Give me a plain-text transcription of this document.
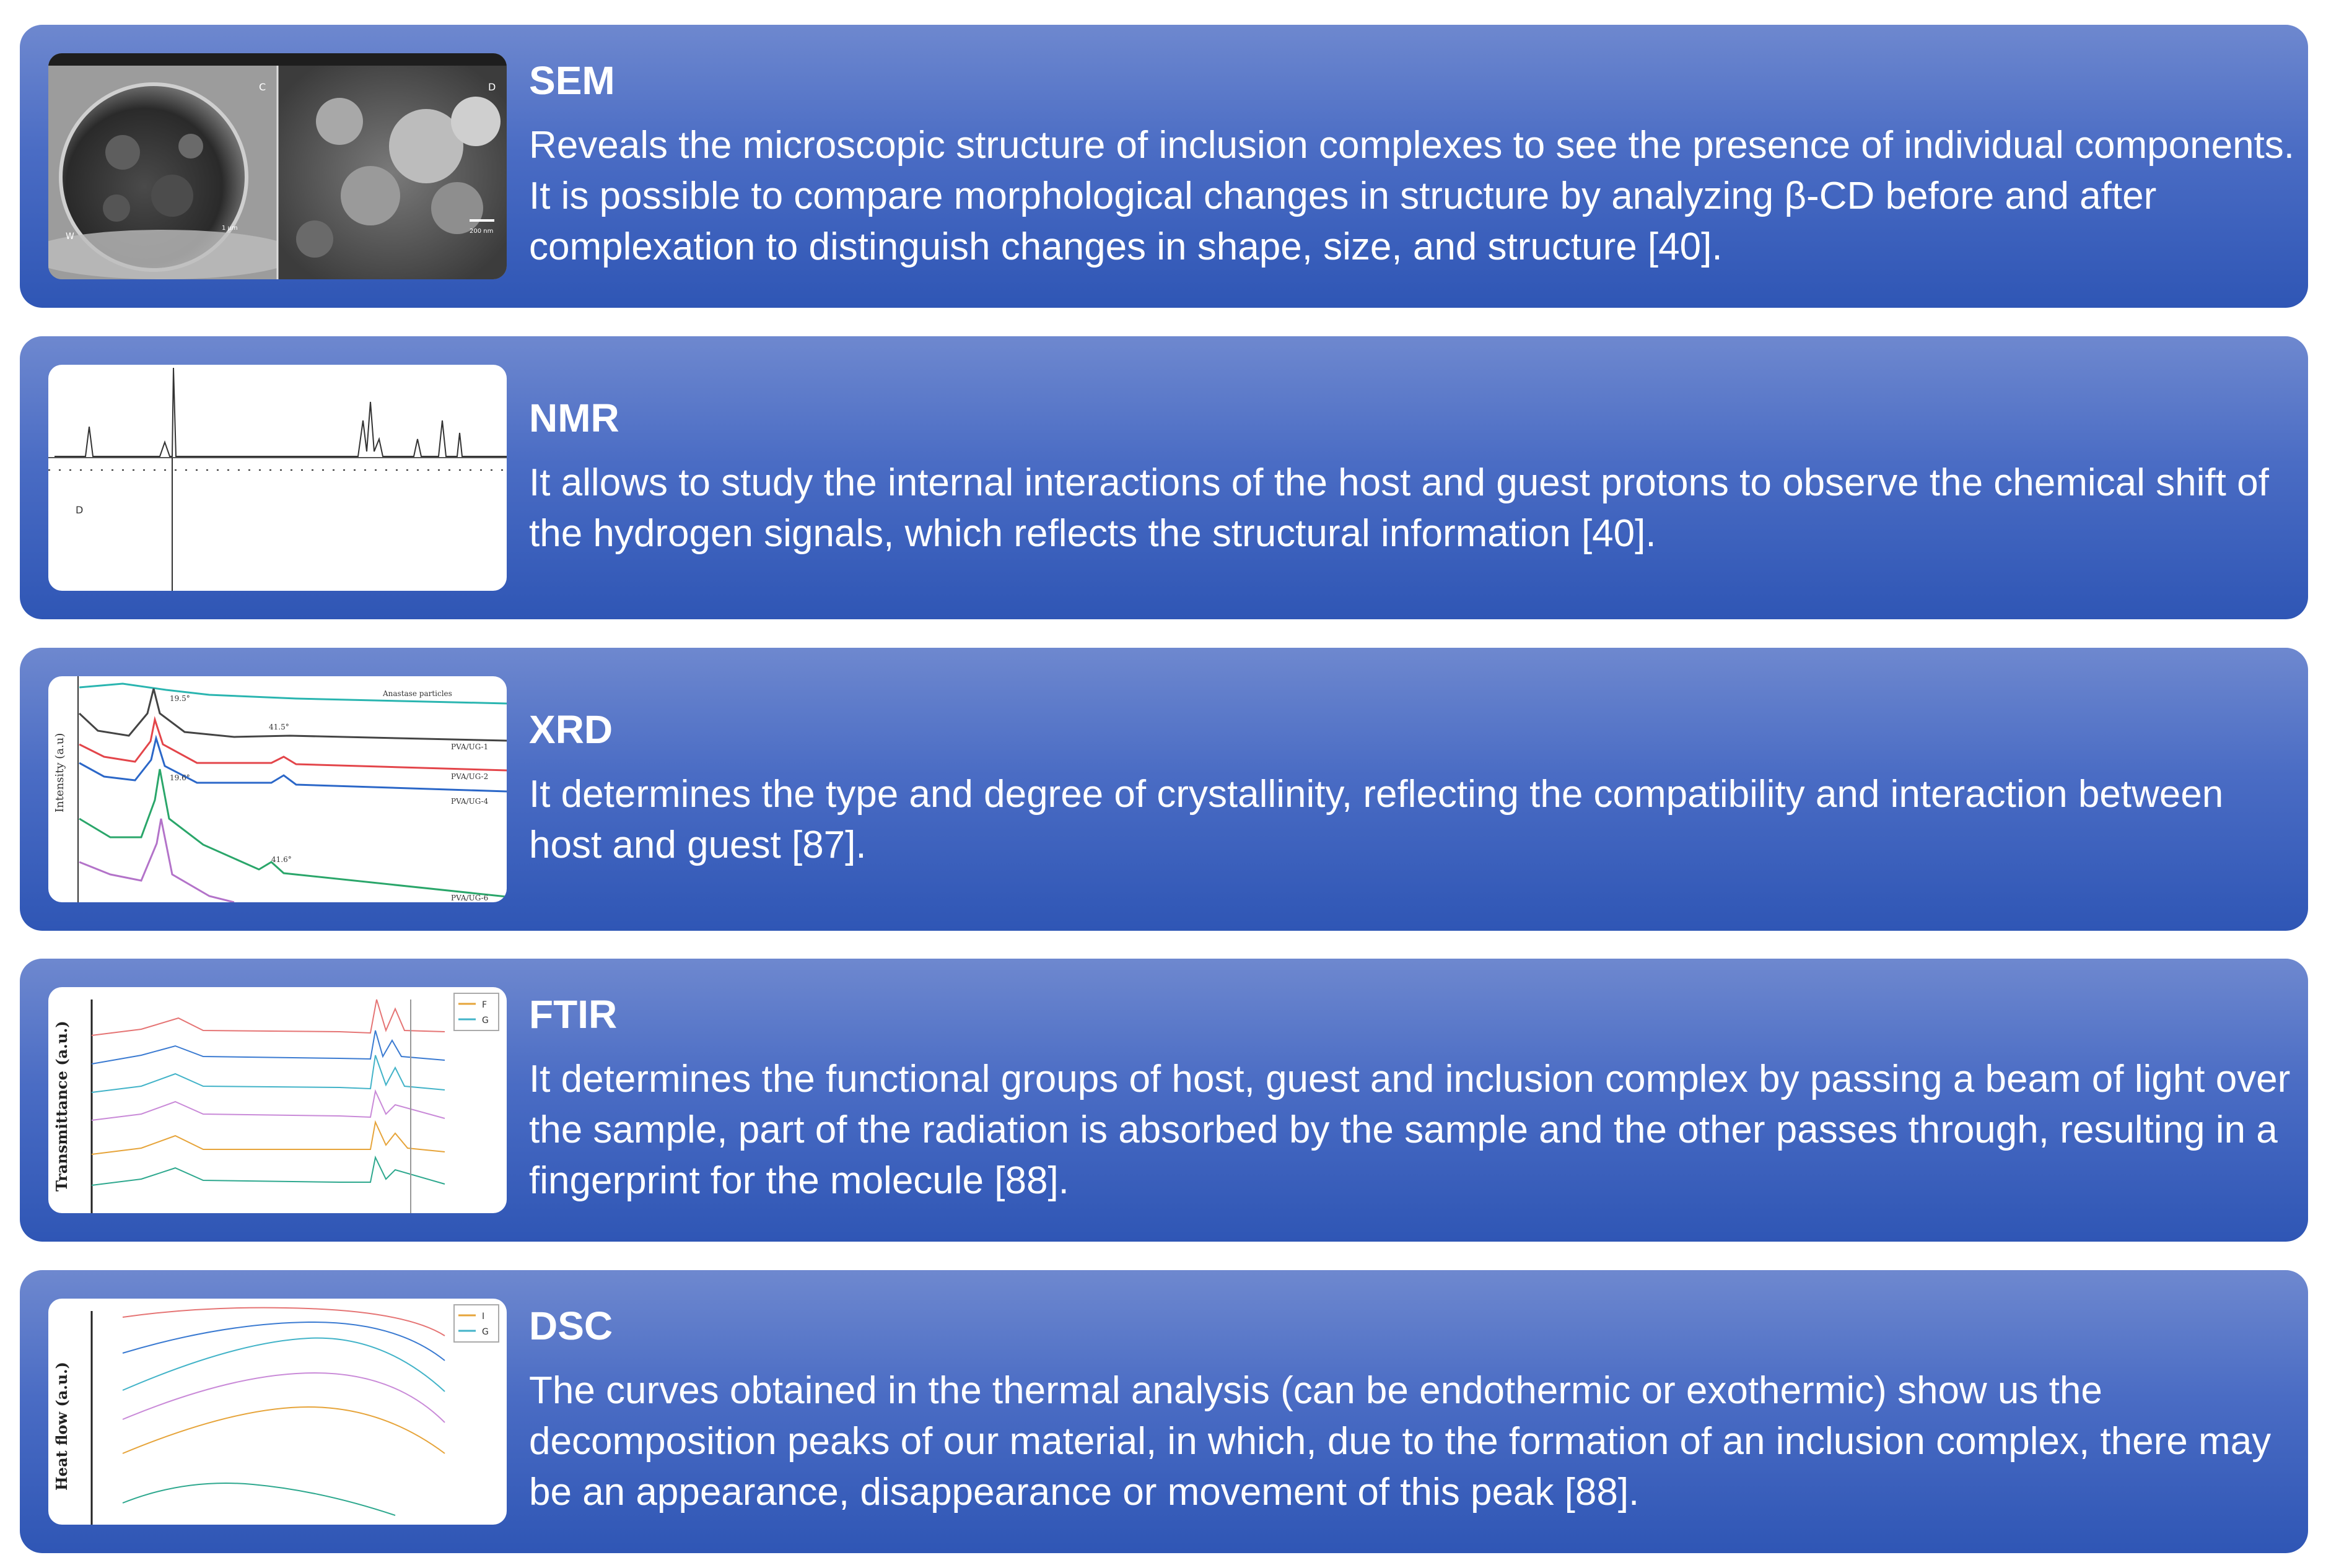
C	D
W
1 µm	200 nm
SEM

Reveals the microscopic structure of inclusion complexes to see the presence of individual components. It is possible to compare morphological changes in structure by analyzing β-CD before and after complexation to distinguish changes in shape, size, and structure [40].

D
NMR

It allows to study the internal interactions of the host and guest protons to observe the chemical shift of the hydrogen signals, which reflects the structural information [40].

Intensity (a.u)
Anastase particles
PVA/UG-1
PVA/UG-2
PVA/UG-4
PVA/UG-6
19.5°
19.6°
41.5°
41.6°
XRD

It determines the type and degree of crystallinity, reflecting the compatibility and interaction between host and guest [87].

Transmittance (a.u.)
F
G FTIR

It determines the functional groups of host, guest and inclusion complex by passing a beam of light over the sample, part of the radiation is absorbed by the sample and the other passes through, resulting in a fingerprint for the molecule [88].

Heat flow (a.u.)
I
G DSC

The curves obtained in the thermal analysis (can be endothermic or exothermic) show us the decomposition peaks of our material, in which, due to the formation of an inclusion complex, there may be an appearance, disappearance or movement of this peak [88].
